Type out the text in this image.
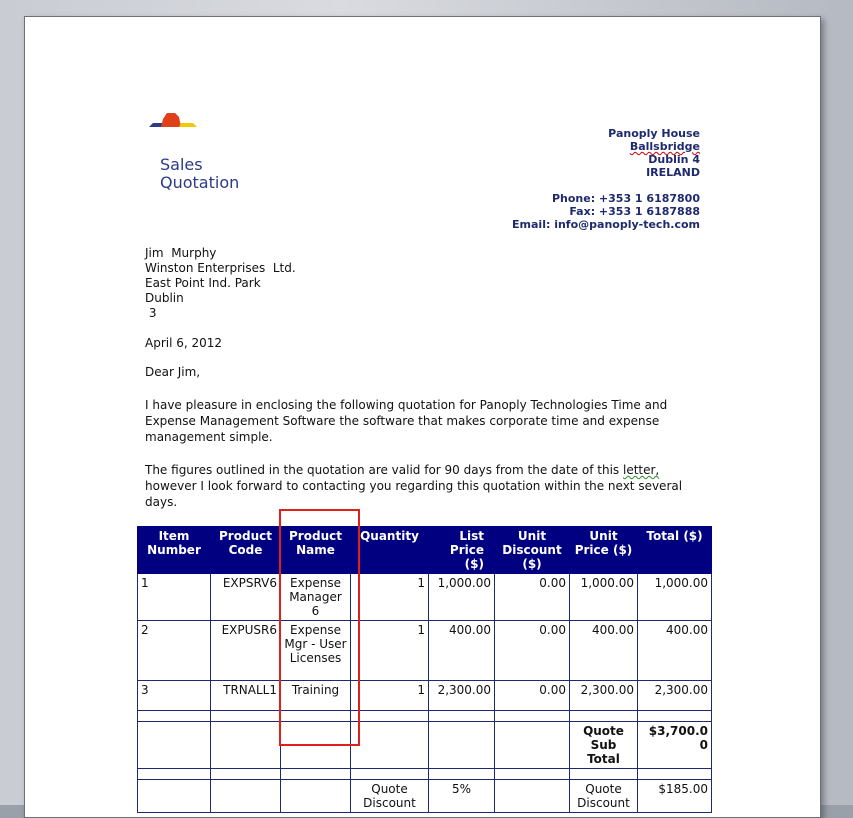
Sales
Quotation
Panoply House
Ballsbridge
Dublin 4
IRELAND
Phone: +353 1 6187800
Fax: +353 1 6187888
Email: info@panoply-tech.com
Jim  Murphy
Winston Enterprises  Ltd.
East Point Ind. Park
Dublin
3
April 6, 2012
Dear Jim,
I have pleasure in enclosing the following quotation for Panoply Technologies Time and Expense Management Software the software that makes corporate time and expense management simple.
The figures outlined in the quotation are valid for 90 days from the date of this letter, however I look forward to contacting you regarding this quotation within the next several days.
Item Number	Product Code	Product Name	Quantity	List Price ($)	Unit Discount ($)	Unit Price ($)	Total ($)
1	EXPSRV6	Expense Manager 6	1	1,000.00	0.00	1,000.00	1,000.00
2	EXPUSR6	Expense Mgr - User Licenses	1	400.00	0.00	400.00	400.00
3	TRNALL1	Training	1	2,300.00	0.00	2,300.00	2,300.00

						Quote Sub Total	$3,700.00

			Quote Discount	5%		Quote Discount	$185.00
